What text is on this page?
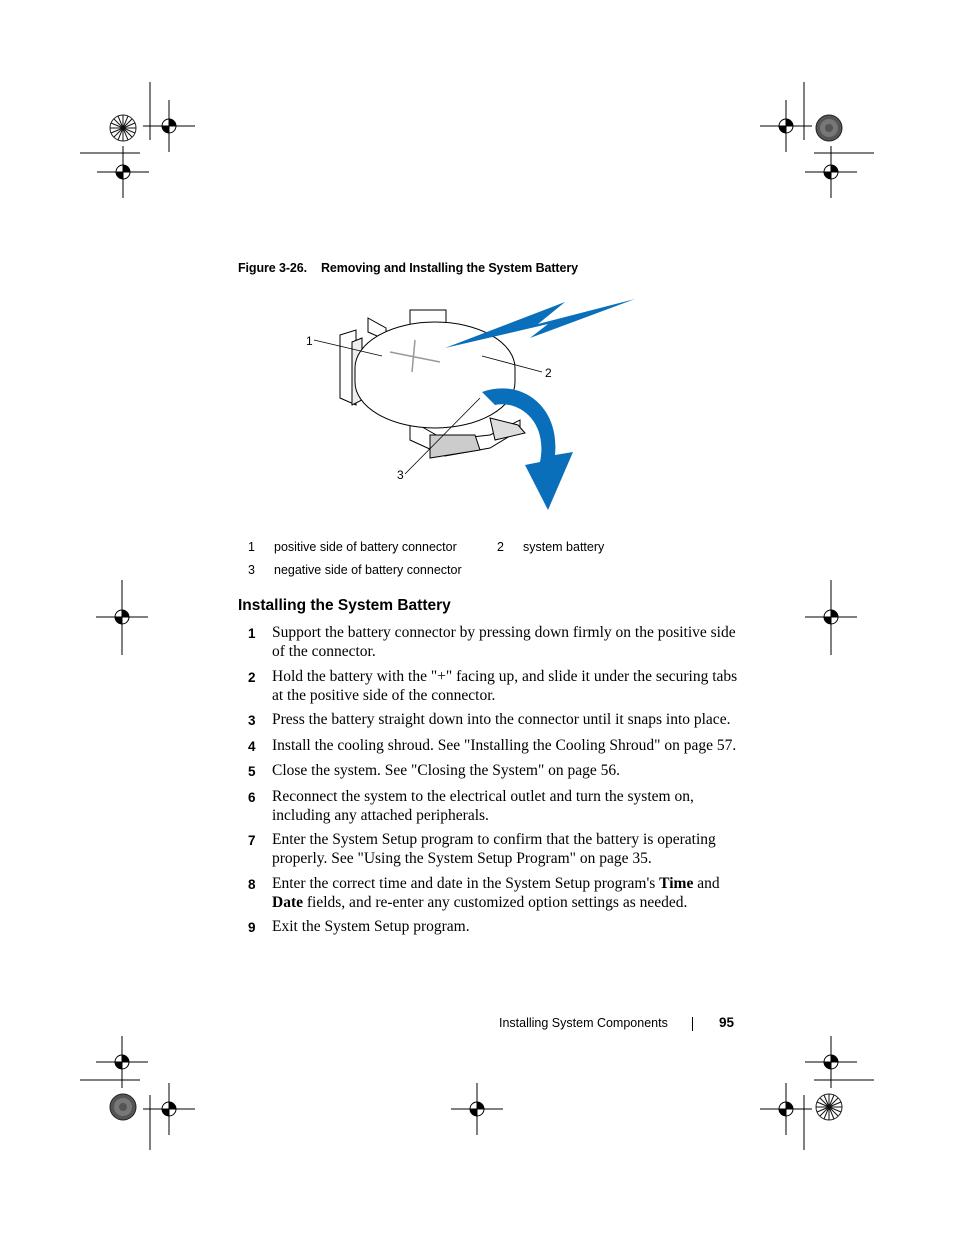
Figure 3-26. Removing and Installing the System Battery
1
2
3
1 positive side of battery connector	2 system battery
3 negative side of battery connector
Installing the System Battery
1	Support the battery connector by pressing down firmly on the positive side of the connector.
2	Hold the battery with the "+" facing up, and slide it under the securing tabs at the positive side of the connector.
3	Press the battery straight down into the connector until it snaps into place.
4	Install the cooling shroud. See "Installing the Cooling Shroud" on page 57.
5	Close the system. See "Closing the System" on page 56.
6	Reconnect the system to the electrical outlet and turn the system on, including any attached peripherals.
7	Enter the System Setup program to confirm that the battery is operating properly. See "Using the System Setup Program" on page 35.
8	Enter the correct time and date in the System Setup program's Time and Date fields, and re-enter any customized option settings as needed.
9	Exit the System Setup program.
Installing System Components	95
